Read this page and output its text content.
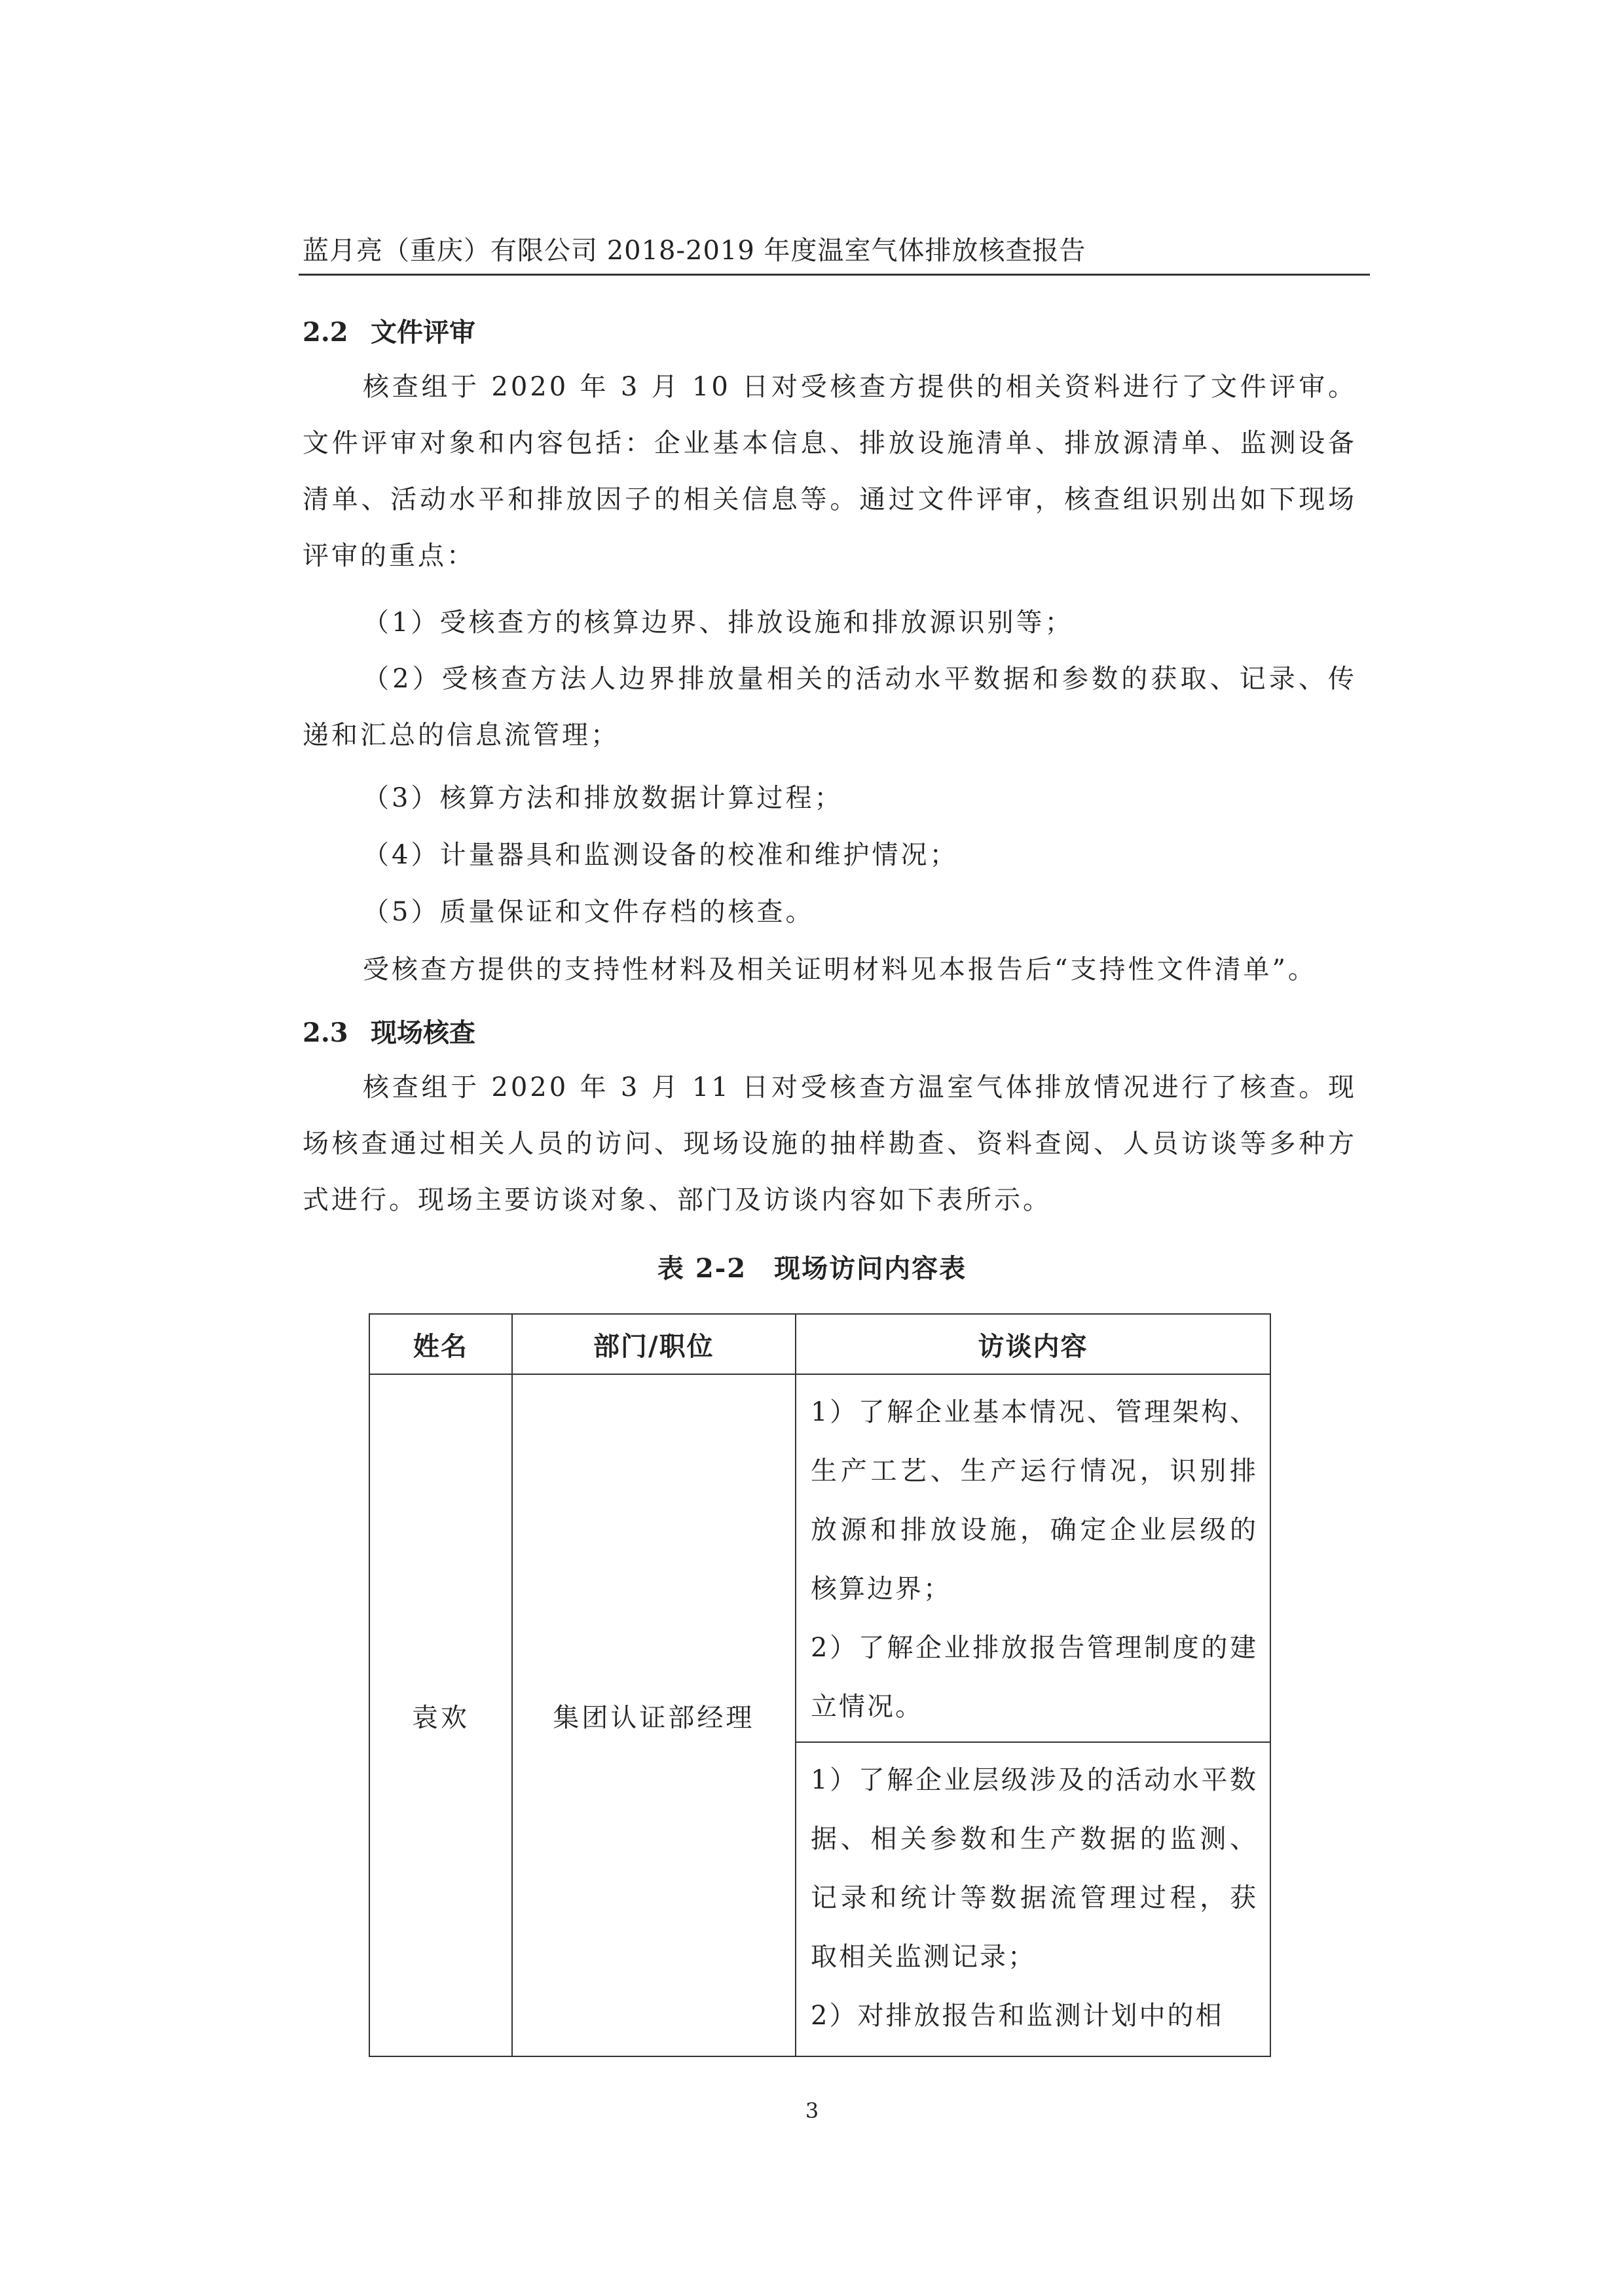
蓝月亮（重庆）有限公司 2018-2019 年度温室气体排放核查报告
2.2 文件评审

核查组于 2020 年 3 月 10 日对受核查方提供的相关资料进行了文件评审。文件评审对象和内容包括：企业基本信息、排放设施清单、排放源清单、监测设备清单、活动水平和排放因子的相关信息等。通过文件评审，核查组识别出如下现场评审的重点：

（1）受核查方的核算边界、排放设施和排放源识别等；

（2）受核查方法人边界排放量相关的活动水平数据和参数的获取、记录、传递和汇总的信息流管理；

（3）核算方法和排放数据计算过程；

（4）计量器具和监测设备的校准和维护情况；

（5）质量保证和文件存档的核查。

受核查方提供的支持性材料及相关证明材料见本报告后“支持性文件清单”。

2.3 现场核查

核查组于 2020 年 3 月 11 日对受核查方温室气体排放情况进行了核查。现场核查通过相关人员的访问、现场设施的抽样勘查、资料查阅、人员访谈等多种方式进行。现场主要访谈对象、部门及访谈内容如下表所示。

表 2-2　现场访问内容表
姓名	部门/职位	访谈内容
袁欢	集团认证部经理	1）了解企业基本情况、管理架构、生产工艺、生产运行情况，识别排放源和排放设施，确定企业层级的核算边界；
2）了解企业排放报告管理制度的建立情况。
		1）了解企业层级涉及的活动水平数据、相关参数和生产数据的监测、记录和统计等数据流管理过程，获取相关监测记录；
2）对排放报告和监测计划中的相
3
